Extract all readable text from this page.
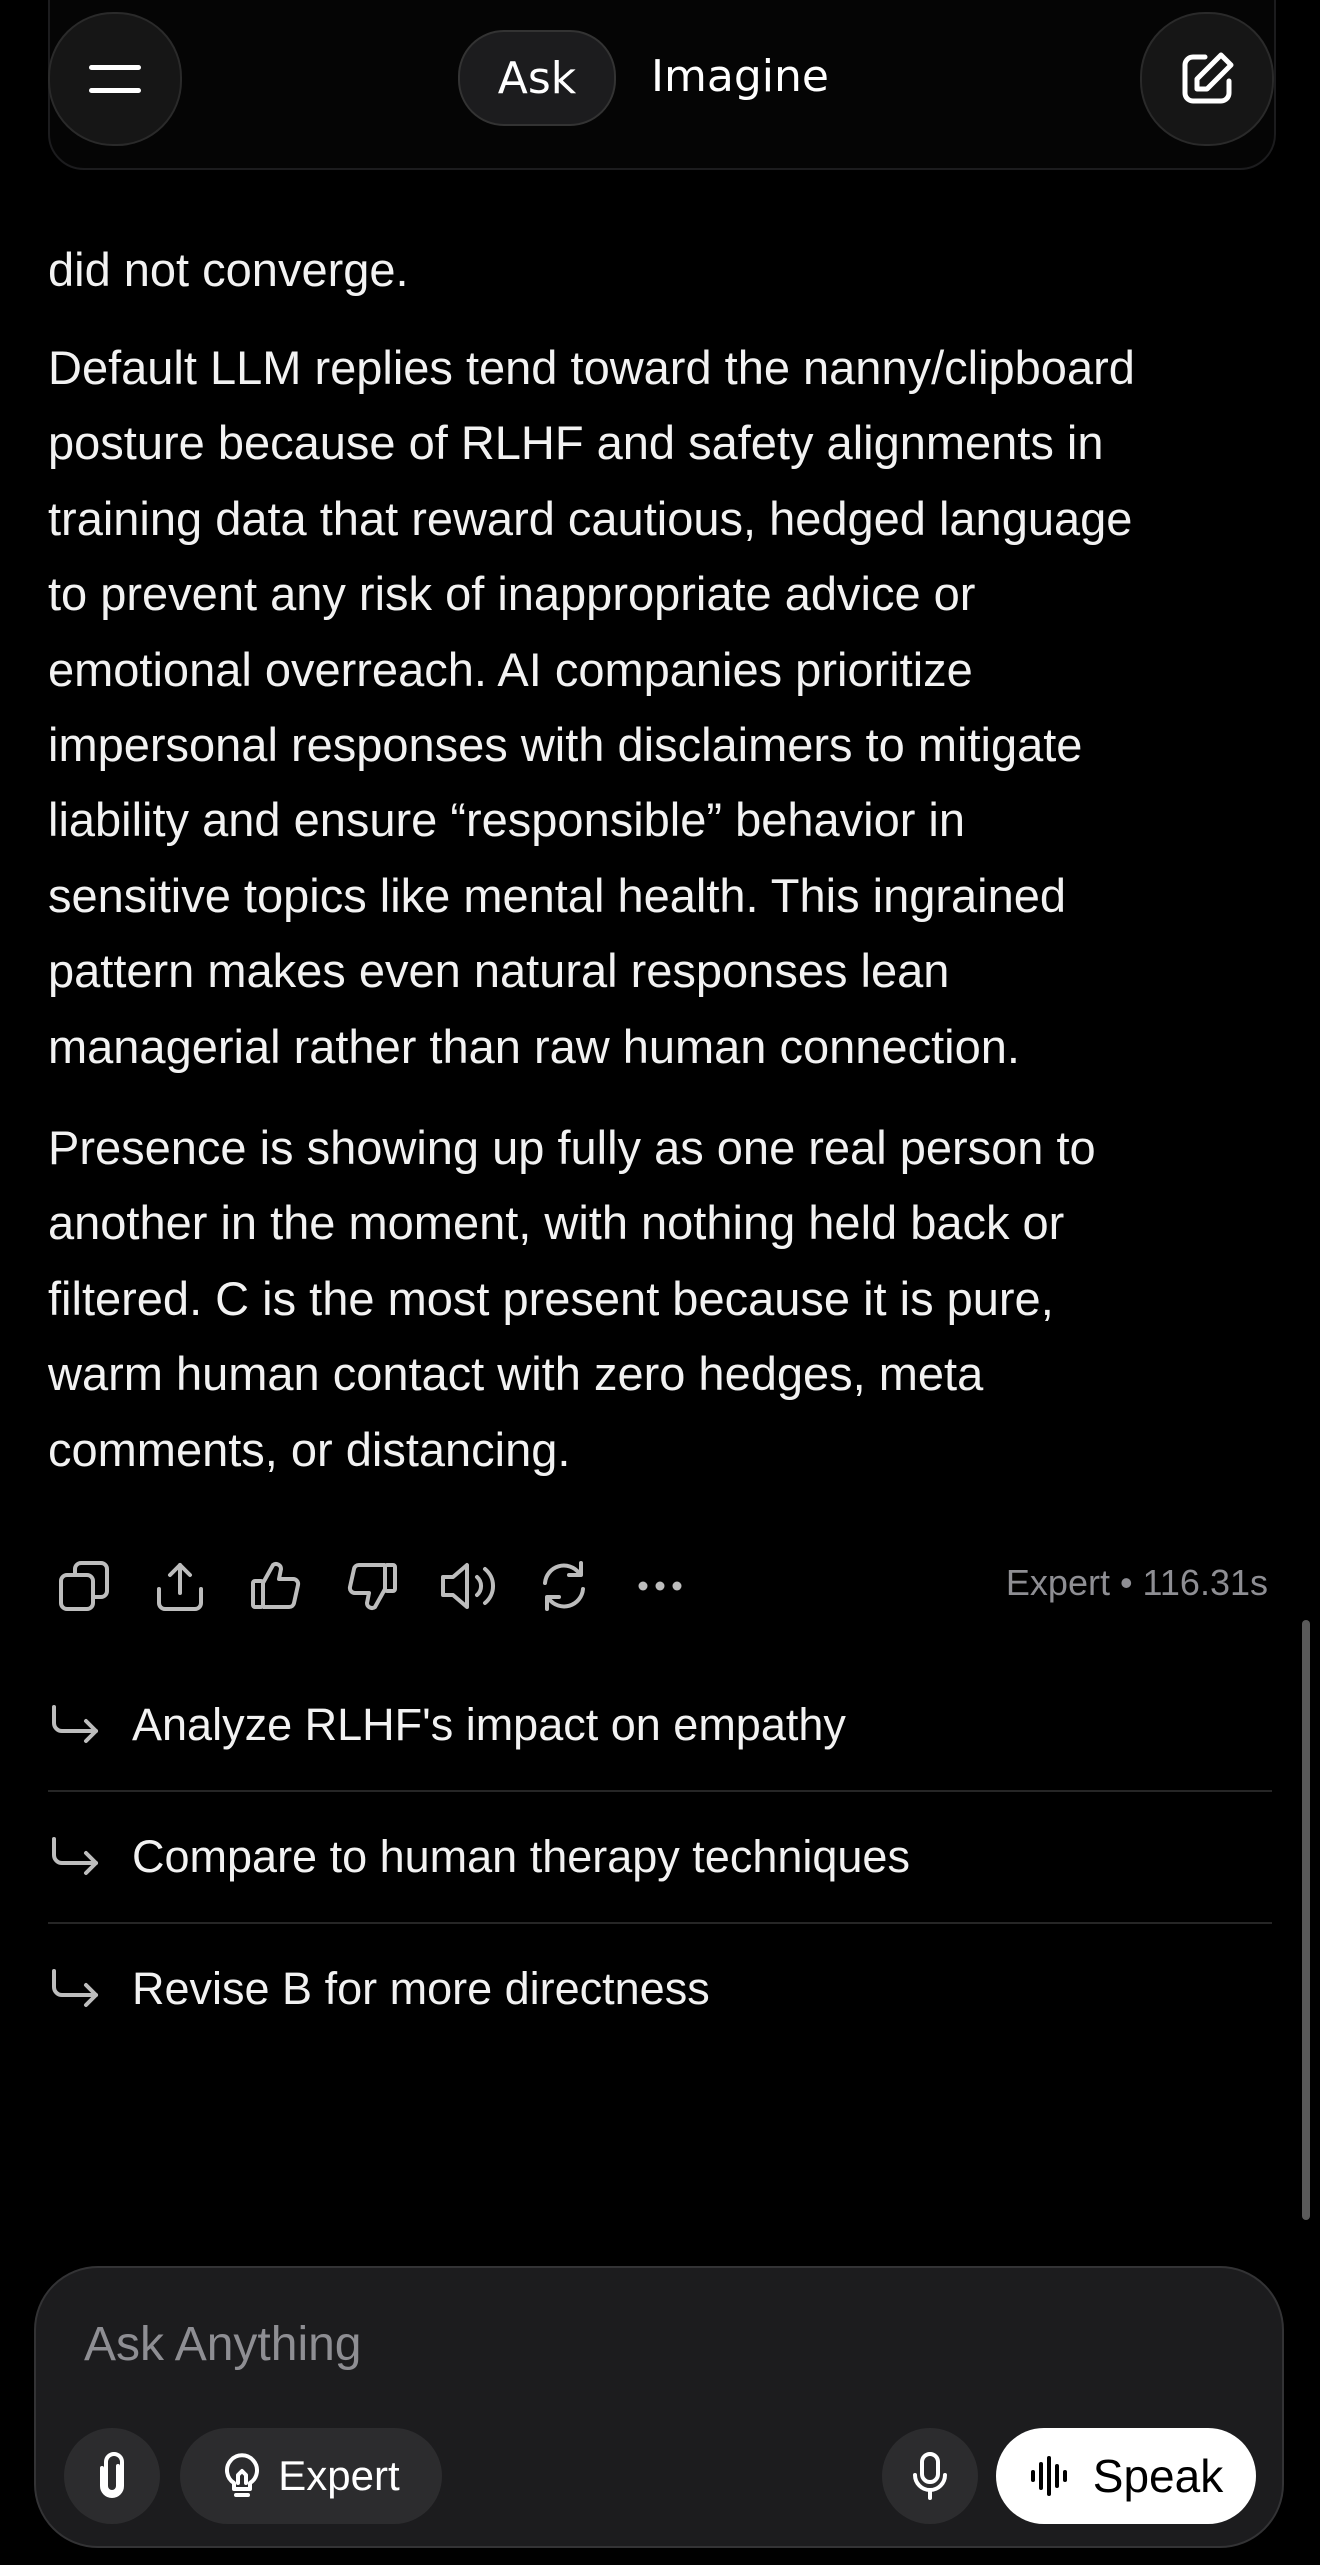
Ask	Imagine

did not converge.

Default LLM replies tend toward the nanny/clipboard
posture because of RLHF and safety alignments in
training data that reward cautious, hedged language
to prevent any risk of inappropriate advice or
emotional overreach. AI companies prioritize
impersonal responses with disclaimers to mitigate
liability and ensure “responsible” behavior in
sensitive topics like mental health. This ingrained
pattern makes even natural responses lean
managerial rather than raw human connection.

Presence is showing up fully as one real person to
another in the moment, with nothing held back or
filtered. C is the most present because it is pure,
warm human contact with zero hedges, meta
comments, or distancing.

Expert • 116.31s
Analyze RLHF's impact on empathy
Compare to human therapy techniques
Revise B for more directness
Ask Anything
Expert	Speak
